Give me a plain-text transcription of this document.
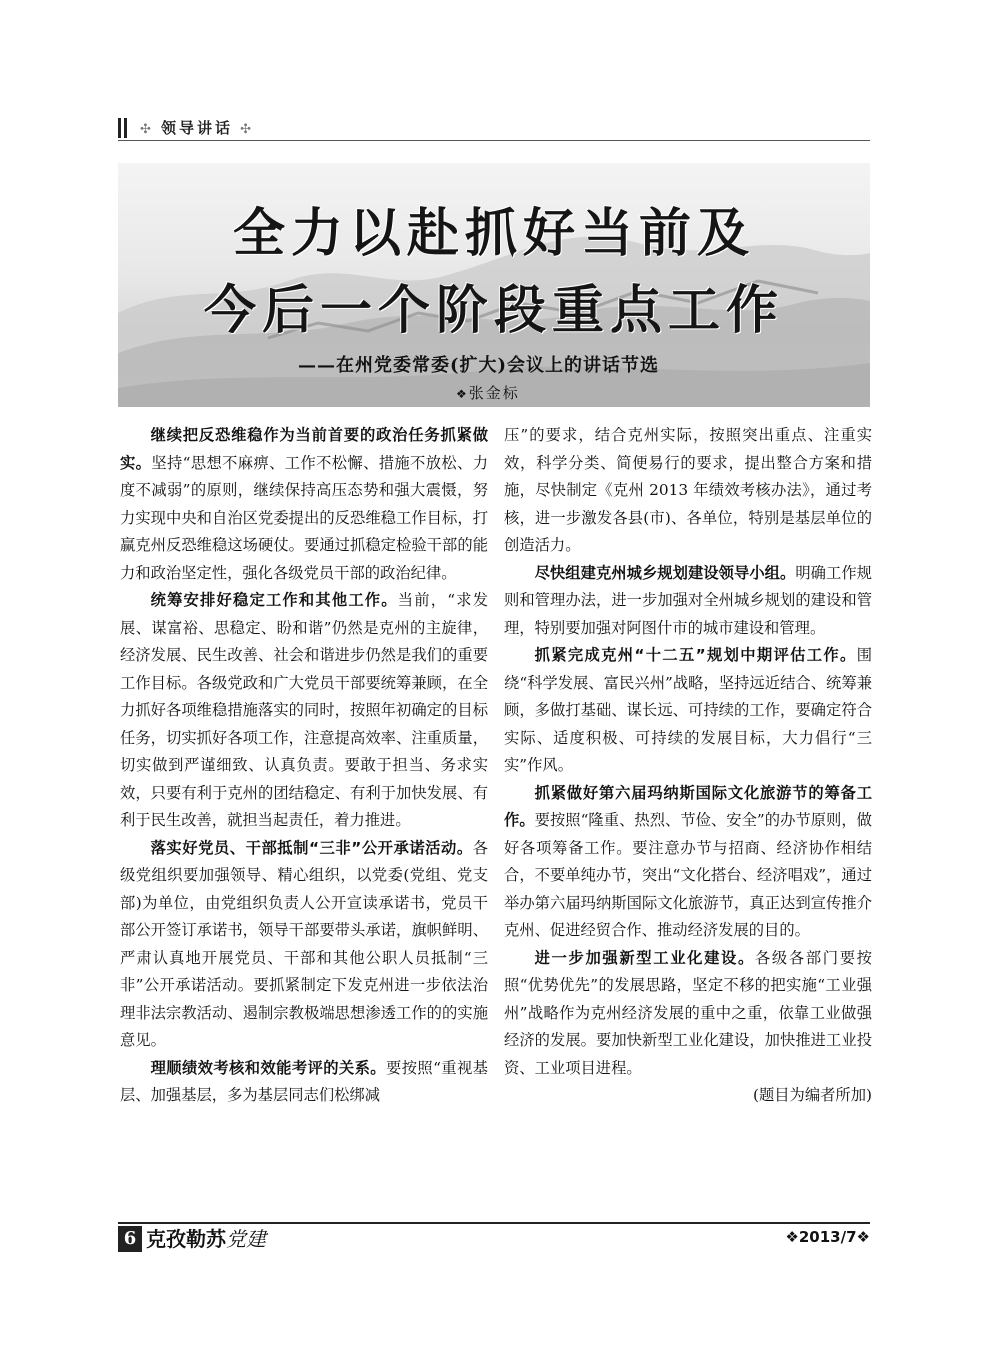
✣ 领导讲话 ✣
全力以赴抓好当前及
今后一个阶段重点工作
——在州党委常委(扩大)会议上的讲话节选
❖张金标

继续把反恐维稳作为当前首要的政治任务抓紧做实。坚持“思想不麻痹、工作不松懈、措施不放松、力度不减弱”的原则，继续保持高压态势和强大震慑，努力实现中央和自治区党委提出的反恐维稳工作目标，打赢克州反恐维稳这场硬仗。要通过抓稳定检验干部的能力和政治坚定性，强化各级党员干部的政治纪律。

统筹安排好稳定工作和其他工作。当前，“求发展、谋富裕、思稳定、盼和谐”仍然是克州的主旋律，经济发展、民生改善、社会和谐进步仍然是我们的重要工作目标。各级党政和广大党员干部要统筹兼顾，在全力抓好各项维稳措施落实的同时，按照年初确定的目标任务，切实抓好各项工作，注意提高效率、注重质量，切实做到严谨细致、认真负责。要敢于担当、务求实效，只要有利于克州的团结稳定、有利于加快发展、有利于民生改善，就担当起责任，着力推进。

落实好党员、干部抵制“三非”公开承诺活动。各级党组织要加强领导、精心组织，以党委(党组、党支部)为单位，由党组织负责人公开宣读承诺书，党员干部公开签订承诺书，领导干部要带头承诺，旗帜鲜明、严肃认真地开展党员、干部和其他公职人员抵制“三非”公开承诺活动。要抓紧制定下发克州进一步依法治理非法宗教活动、遏制宗教极端思想渗透工作的的实施意见。

理顺绩效考核和效能考评的关系。要按照“重视基层、加强基层，多为基层同志们松绑减

压”的要求，结合克州实际，按照突出重点、注重实效，科学分类、简便易行的要求，提出整合方案和措施，尽快制定《克州 2013 年绩效考核办法》，通过考核，进一步激发各县(市)、各单位，特别是基层单位的创造活力。

尽快组建克州城乡规划建设领导小组。明确工作规则和管理办法，进一步加强对全州城乡规划的建设和管理，特别要加强对阿图什市的城市建设和管理。

抓紧完成克州“十二五”规划中期评估工作。围绕“科学发展、富民兴州”战略，坚持远近结合、统筹兼顾，多做打基础、谋长远、可持续的工作，要确定符合实际、适度积极、可持续的发展目标，大力倡行“三实”作风。

抓紧做好第六届玛纳斯国际文化旅游节的筹备工作。要按照“隆重、热烈、节俭、安全”的办节原则，做好各项筹备工作。要注意办节与招商、经济协作相结合，不要单纯办节，突出“文化搭台、经济唱戏”，通过举办第六届玛纳斯国际文化旅游节，真正达到宣传推介克州、促进经贸合作、推动经济发展的目的。

进一步加强新型工业化建设。各级各部门要按照“优势优先”的发展思路，坚定不移的把实施“工业强州”战略作为克州经济发展的重中之重，依靠工业做强经济的发展。要加快新型工业化建设，加快推进工业投资、工业项目进程。

(题目为编者所加)

6 克孜勒苏党建	❖2013/7❖
